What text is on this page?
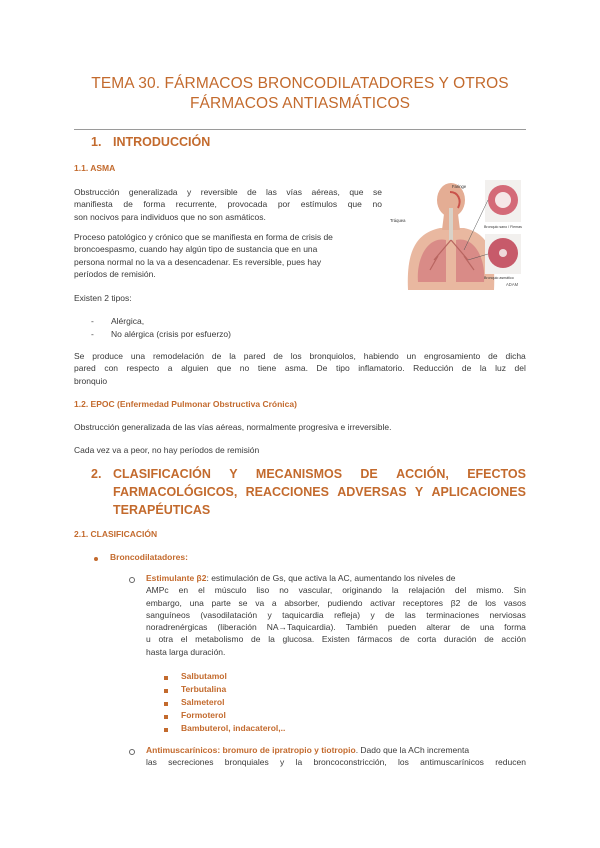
TEMA 30. FÁRMACOS BRONCODILATADORES Y OTROS
FÁRMACOS ANTIASMÁTICOS
1. INTRODUCCIÓN
1.1. ASMA
Obstrucción generalizada y reversible de las vías aéreas, que se
manifiesta de forma recurrente, provocada por estímulos que no
son nocivos para individuos que no son asmáticos.
Proceso patológico y crónico que se manifiesta en forma de crisis de
broncoespasmo, cuando hay algún tipo de sustancia que en una
persona normal no la va a desencadenar. Es reversible, pues hay
períodos de remisión.
Tráquea
Faringe
Bronquio sano / Flemas
Bronquio asmático
ADAM
Existen 2 tipos:
- Alérgica,
- No alérgica (crisis por esfuerzo)
Se produce una remodelación de la pared de los bronquiolos, habiendo un engrosamiento de dicha
pared con respecto a alguien que no tiene asma. De tipo inflamatorio. Reducción de la luz del
bronquio
1.2. EPOC (Enfermedad Pulmonar Obstructiva Crónica)
Obstrucción generalizada de las vías aéreas, normalmente progresiva e irreversible.
Cada vez va a peor, no hay períodos de remisión
2. CLASIFICACIÓN Y MECANISMOS DE ACCIÓN, EFECTOS
FARMACOLÓGICOS, REACCIONES ADVERSAS Y APLICACIONES
TERAPÉUTICAS
2.1. CLASIFICACIÓN
Broncodilatadores:
Estimulante β2: estimulación de Gs, que activa la AC, aumentando los niveles de
AMPc en el músculo liso no vascular, originando la relajación del mismo. Sin
embargo, una parte se va a absorber, pudiendo activar receptores β2 de los vasos
sanguíneos (vasodilatación y taquicardia refleja) y de las terminaciones nerviosas
noradrenérgicas (liberación NA→Taquicardia). También pueden alterar de una forma
u otra el metabolismo de la glucosa. Existen fármacos de corta duración de acción
hasta larga duración.
Salbutamol
Terbutalina
Salmeterol
Formoterol
Bambuterol, indacaterol,..
Antimuscarínicos: bromuro de ipratropio y tiotropio. Dado que la ACh incrementa
las secreciones bronquiales y la broncoconstricción, los antimuscarínicos reducen
